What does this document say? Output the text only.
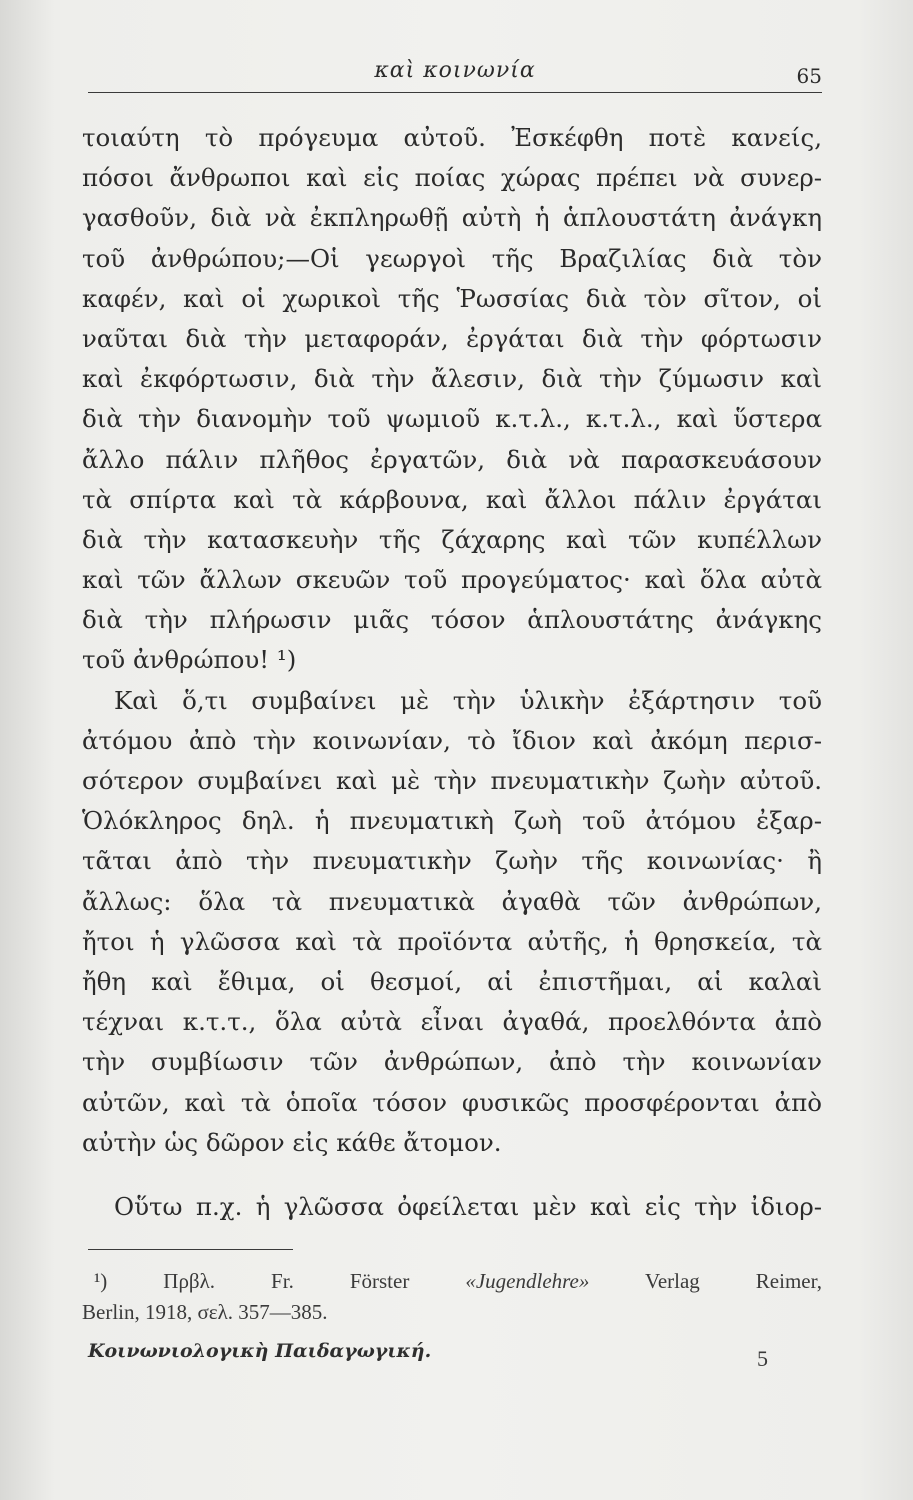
καὶ κοινωνία	65
τοιαύτη τὸ πρόγευμα αὐτοῦ. Ἐσκέφθη ποτὲ κανείς,
πόσοι ἄνθρωποι καὶ εἰς ποίας χώρας πρέπει νὰ συνερ-
γασθοῦν, διὰ νὰ ἐκπληρωθῇ αὐτὴ ἡ ἁπλουστάτη ἀνάγκη
τοῦ ἀνθρώπου;—Οἱ γεωργοὶ τῆς Βραζιλίας διὰ τὸν
καφέν, καὶ οἱ χωρικοὶ τῆς Ῥωσσίας διὰ τὸν σῖτον, οἱ
ναῦται διὰ τὴν μεταφοράν, ἐργάται διὰ τὴν φόρτωσιν
καὶ ἐκφόρτωσιν, διὰ τὴν ἄλεσιν, διὰ τὴν ζύμωσιν καὶ
διὰ τὴν διανομὴν τοῦ ψωμιοῦ κ.τ.λ., κ.τ.λ., καὶ ὕστερα
ἄλλο πάλιν πλῆθος ἐργατῶν, διὰ νὰ παρασκευάσουν
τὰ σπίρτα καὶ τὰ κάρβουνα, καὶ ἄλλοι πάλιν ἐργάται
διὰ τὴν κατασκευὴν τῆς ζάχαρης καὶ τῶν κυπέλλων
καὶ τῶν ἄλλων σκευῶν τοῦ προγεύματος· καὶ ὅλα αὐτὰ
διὰ τὴν πλήρωσιν μιᾶς τόσον ἁπλουστάτης ἀνάγκης
τοῦ ἀνθρώπου! ¹)
Καὶ ὅ,τι συμβαίνει μὲ τὴν ὑλικὴν ἐξάρτησιν τοῦ
ἀτόμου ἀπὸ τὴν κοινωνίαν, τὸ ἴδιον καὶ ἀκόμη περισ-
σότερον συμβαίνει καὶ μὲ τὴν πνευματικὴν ζωὴν αὐτοῦ.
Ὁλόκληρος δηλ. ἡ πνευματικὴ ζωὴ τοῦ ἀτόμου ἐξαρ-
τᾶται ἀπὸ τὴν πνευματικὴν ζωὴν τῆς κοινωνίας· ἢ
ἄλλως: ὅλα τὰ πνευματικὰ ἀγαθὰ τῶν ἀνθρώπων,
ἤτοι ἡ γλῶσσα καὶ τὰ προϊόντα αὐτῆς, ἡ θρησκεία, τὰ
ἤθη καὶ ἔθιμα, οἱ θεσμοί, αἱ ἐπιστῆμαι, αἱ καλαὶ
τέχναι κ.τ.τ., ὅλα αὐτὰ εἶναι ἀγαθά, προελθόντα ἀπὸ
τὴν συμβίωσιν τῶν ἀνθρώπων, ἀπὸ τὴν κοινωνίαν
αὐτῶν, καὶ τὰ ὁποῖα τόσον φυσικῶς προσφέρονται ἀπὸ
αὐτὴν ὡς δῶρον εἰς κάθε ἄτομον.
Οὕτω π.χ. ἡ γλῶσσα ὀφείλεται μὲν καὶ εἰς τὴν ἰδιορ-
¹) Πρβλ. Fr. Förster	«Jugendlehre»	Verlag Reimer,
Berlin, 1918, σελ. 357—385.
Κοινωνιολογικὴ Παιδαγωγική.	5
